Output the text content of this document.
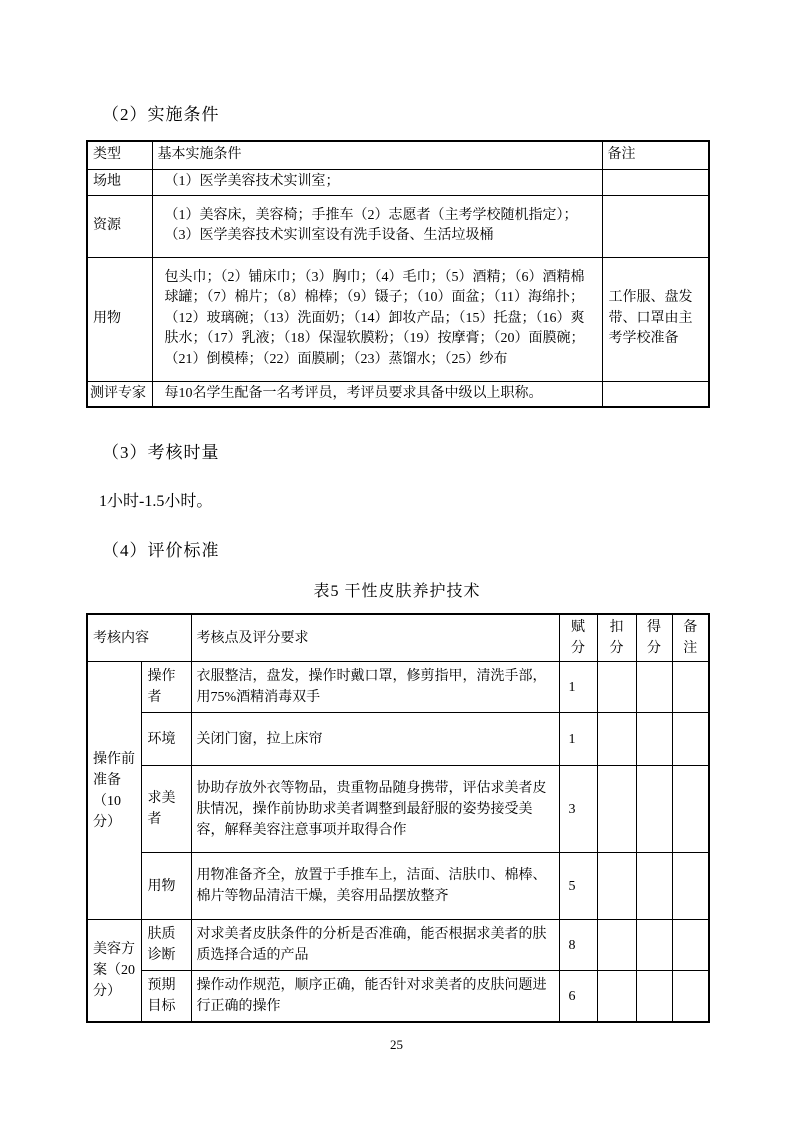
（2）实施条件
类型	基本实施条件	备注
场地	（1）医学美容技术实训室；	
资源	（1）美容床，美容椅；手推车（2）志愿者（主考学校随机指定）；（3）医学美容技术实训室设有洗手设备、生活垃圾桶	
用物	包头巾；（2）铺床巾；（3）胸巾；（4）毛巾；（5）酒精；（6）酒精棉球罐；（7）棉片；（8）棉棒；（9）镊子；（10）面盆；（11）海绵扑；（12）玻璃碗；（13）洗面奶；（14）卸妆产品；（15）托盘；（16）爽肤水；（17）乳液；（18）保湿软膜粉；（19）按摩膏；（20）面膜碗；（21）倒模棒；（22）面膜刷；（23）蒸馏水；（25）纱布	工作服、盘发带、口罩由主考学校准备
测评专家	每10名学生配备一名考评员，考评员要求具备中级以上职称。	
（3）考核时量
1小时-1.5小时。
（4）评价标准
表5 干性皮肤养护技术
考核内容		考核点及评分要求	赋分	扣分	得分	备注
操作前准备（10分）	操作者	衣服整洁，盘发，操作时戴口罩，修剪指甲，清洗手部，用75%酒精消毒双手	1			
	环境	关闭门窗，拉上床帘	1			
	求美者	协助存放外衣等物品，贵重物品随身携带，评估求美者皮肤情况，操作前协助求美者调整到最舒服的姿势接受美容，解释美容注意事项并取得合作	3			
	用物	用物准备齐全，放置于手推车上，洁面、洁肤巾、棉棒、棉片等物品清洁干燥，美容用品摆放整齐	5			
美容方案（20分）	肤质诊断	对求美者皮肤条件的分析是否准确，能否根据求美者的肤质选择合适的产品	8			
	预期目标	操作动作规范，顺序正确，能否针对求美者的皮肤问题进行正确的操作	6			
25
